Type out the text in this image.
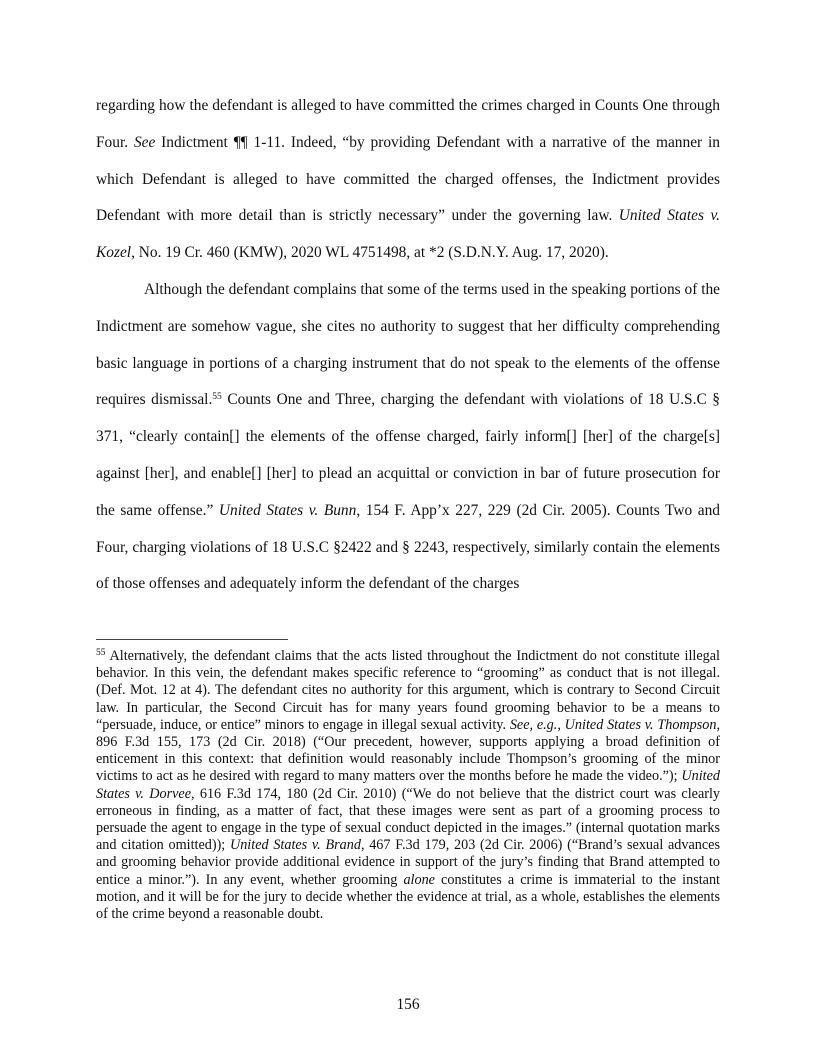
regarding how the defendant is alleged to have committed the crimes charged in Counts One through Four. See Indictment ¶¶ 1-11. Indeed, “by providing Defendant with a narrative of the manner in which Defendant is alleged to have committed the charged offenses, the Indictment provides Defendant with more detail than is strictly necessary” under the governing law. United States v. Kozel, No. 19 Cr. 460 (KMW), 2020 WL 4751498, at *2 (S.D.N.Y. Aug. 17, 2020).

Although the defendant complains that some of the terms used in the speaking portions of the Indictment are somehow vague, she cites no authority to suggest that her difficulty comprehending basic language in portions of a charging instrument that do not speak to the elements of the offense requires dismissal.$^{55}$ Counts One and Three, charging the defendant with violations of 18 U.S.C § 371, “clearly contain[] the elements of the offense charged, fairly inform[] [her] of the charge[s] against [her], and enable[] [her] to plead an acquittal or conviction in bar of future prosecution for the same offense.” United States v. Bunn, 154 F. App’x 227, 229 (2d Cir. 2005). Counts Two and Four, charging violations of 18 U.S.C §2422 and § 2243, respectively, similarly contain the elements of those offenses and adequately inform the defendant of the charges

$^{55}$ Alternatively, the defendant claims that the acts listed throughout the Indictment do not constitute illegal behavior. In this vein, the defendant makes specific reference to “grooming” as conduct that is not illegal. (Def. Mot. 12 at 4). The defendant cites no authority for this argument, which is contrary to Second Circuit law. In particular, the Second Circuit has for many years found grooming behavior to be a means to “persuade, induce, or entice” minors to engage in illegal sexual activity. See, e.g., United States v. Thompson, 896 F.3d 155, 173 (2d Cir. 2018) (“Our precedent, however, supports applying a broad definition of enticement in this context: that definition would reasonably include Thompson’s grooming of the minor victims to act as he desired with regard to many matters over the months before he made the video.”); United States v. Dorvee, 616 F.3d 174, 180 (2d Cir. 2010) (“We do not believe that the district court was clearly erroneous in finding, as a matter of fact, that these images were sent as part of a grooming process to persuade the agent to engage in the type of sexual conduct depicted in the images.” (internal quotation marks and citation omitted)); United States v. Brand, 467 F.3d 179, 203 (2d Cir. 2006) (“Brand’s sexual advances and grooming behavior provide additional evidence in support of the jury’s finding that Brand attempted to entice a minor.”). In any event, whether grooming alone constitutes a crime is immaterial to the instant motion, and it will be for the jury to decide whether the evidence at trial, as a whole, establishes the elements of the crime beyond a reasonable doubt.

156
